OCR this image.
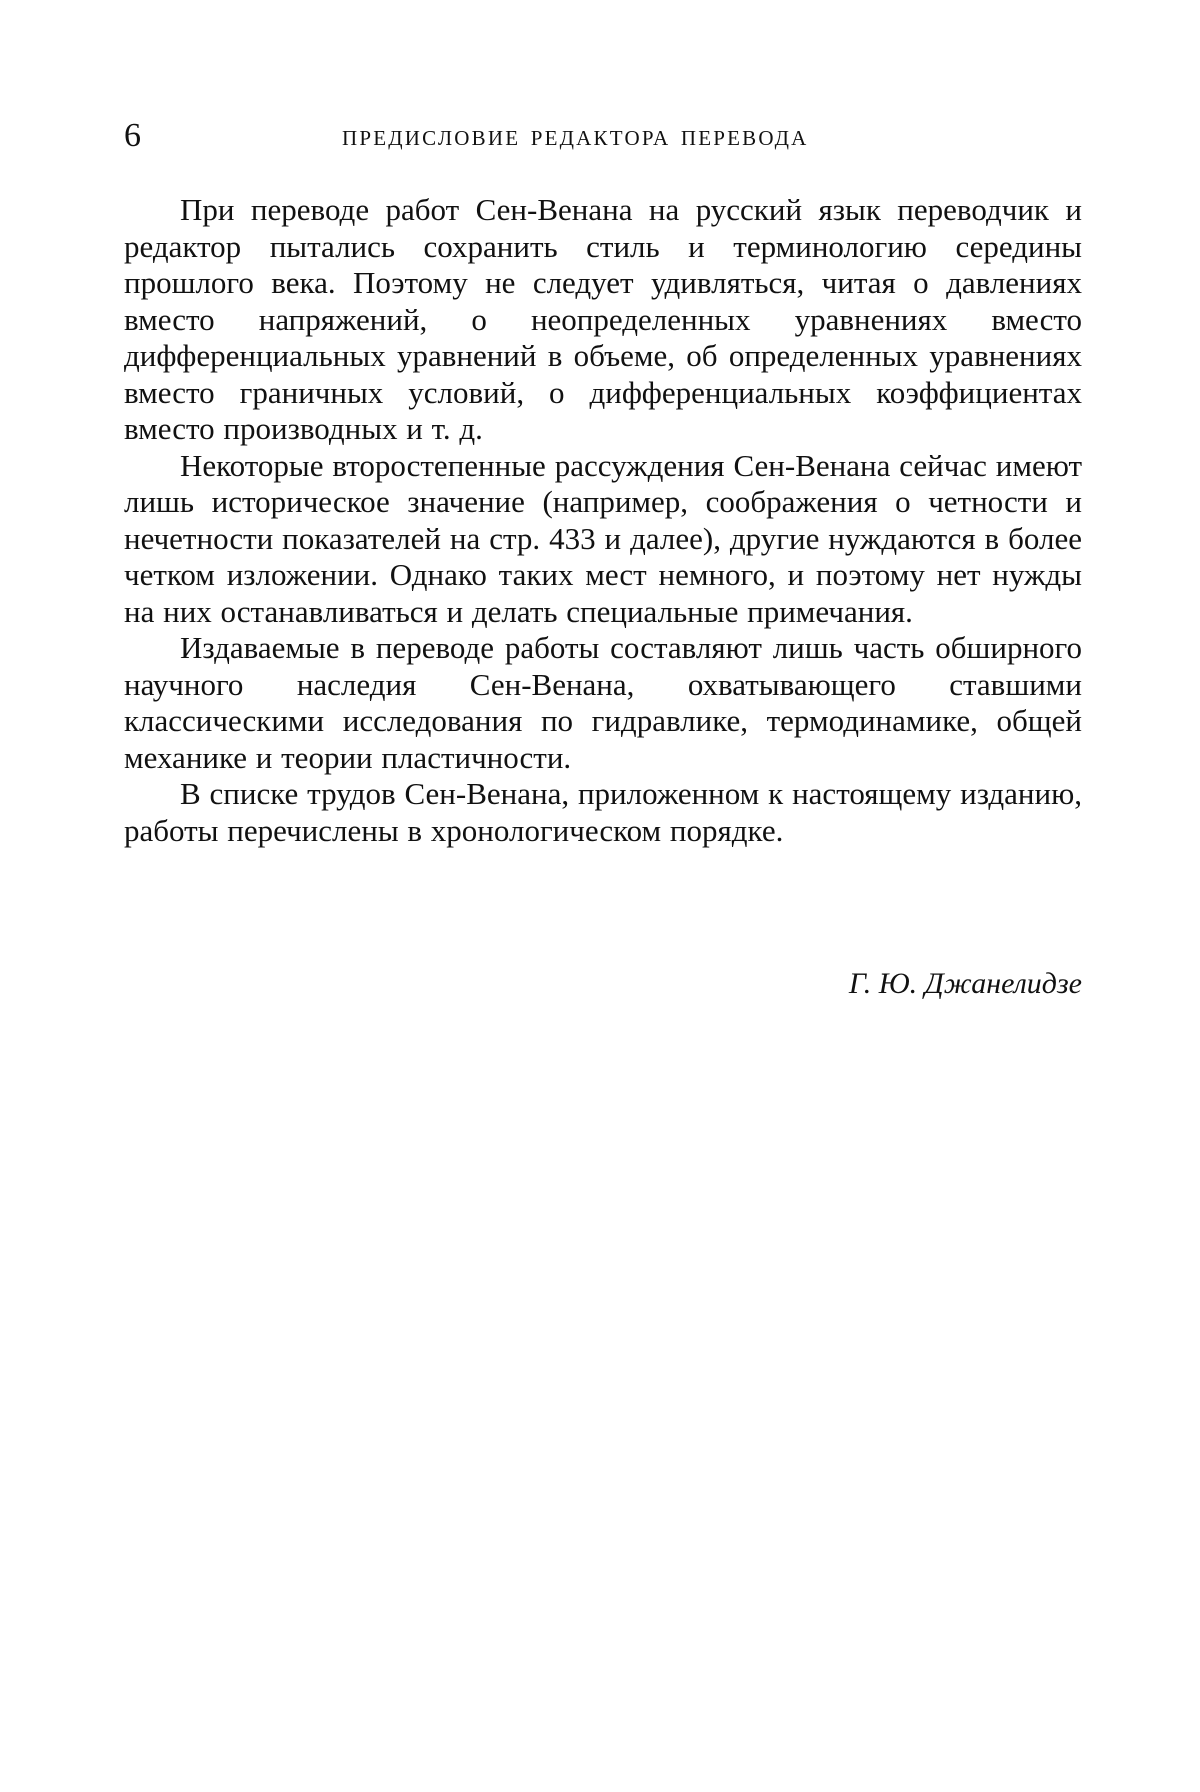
6	ПРЕДИСЛОВИЕ РЕДАКТОРА ПЕРЕВОДА

При переводе работ Сен-Венана на русский язык переводчик и редактор пытались сохранить стиль и терминологию середины прошлого века. Поэтому не следует удивляться, читая о давлениях вместо напряжений, о неопределенных уравнениях вместо дифференциальных уравнений в объеме, об определенных уравнениях вместо граничных условий, о дифференциальных коэффициентах вместо производных и т. д.

Некоторые второстепенные рассуждения Сен-Венана сейчас имеют лишь историческое значение (например, соображения о четности и нечетности показателей на стр. 433 и далее), другие нуждаются в более четком изложении. Однако таких мест немного, и поэтому нет нужды на них останавливаться и делать специальные примечания.

Издаваемые в переводе работы составляют лишь часть обширного научного наследия Сен-Венана, охватывающего ставшими классическими исследования по гидравлике, термодинамике, общей механике и теории пластичности.

В списке трудов Сен-Венана, приложенном к настоящему изданию, работы перечислены в хронологическом порядке.

Г. Ю. Джанелидзе
